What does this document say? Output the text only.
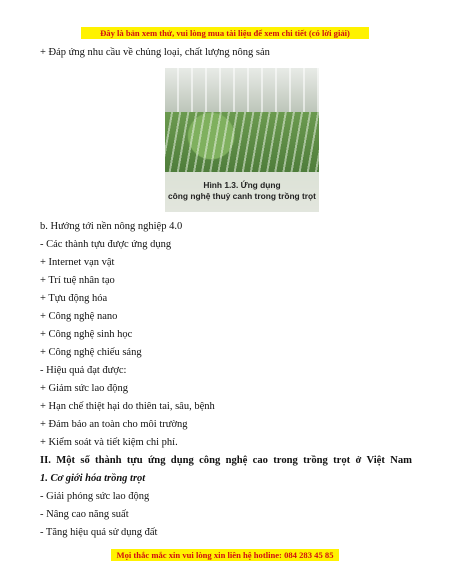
Đây là bản xem thử, vui lòng mua tài liệu để xem chi tiết (có lời giải)
+ Đáp ứng nhu cầu về chủng loại, chất lượng nông sản
Hình 1.3. Ứng dụng
công nghệ thuỷ canh trong trồng trọt
b. Hướng tới nền nông nghiệp 4.0
- Các thành tựu được ứng dụng
+ Internet vạn vật
+ Trí tuệ nhân tạo
+ Tựu động hóa
+ Công nghệ nano
+ Công nghệ sinh học
+ Công nghệ chiếu sáng
- Hiệu quả đạt được:
+ Giảm sức lao động
+ Hạn chế thiệt hại do thiên tai, sâu, bệnh
+ Đảm bảo an toàn cho môi trường
+ Kiểm soát và tiết kiệm chi phí.
II. Một số thành tựu ứng dụng công nghệ cao trong trồng trọt ở Việt Nam
1. Cơ giới hóa trồng trọt
- Giải phóng sức lao động
- Nâng cao năng suất
- Tăng hiệu quả sử dụng đất
Mọi thắc mắc xin vui lòng xin liên hệ hotline: 084 283 45 85
